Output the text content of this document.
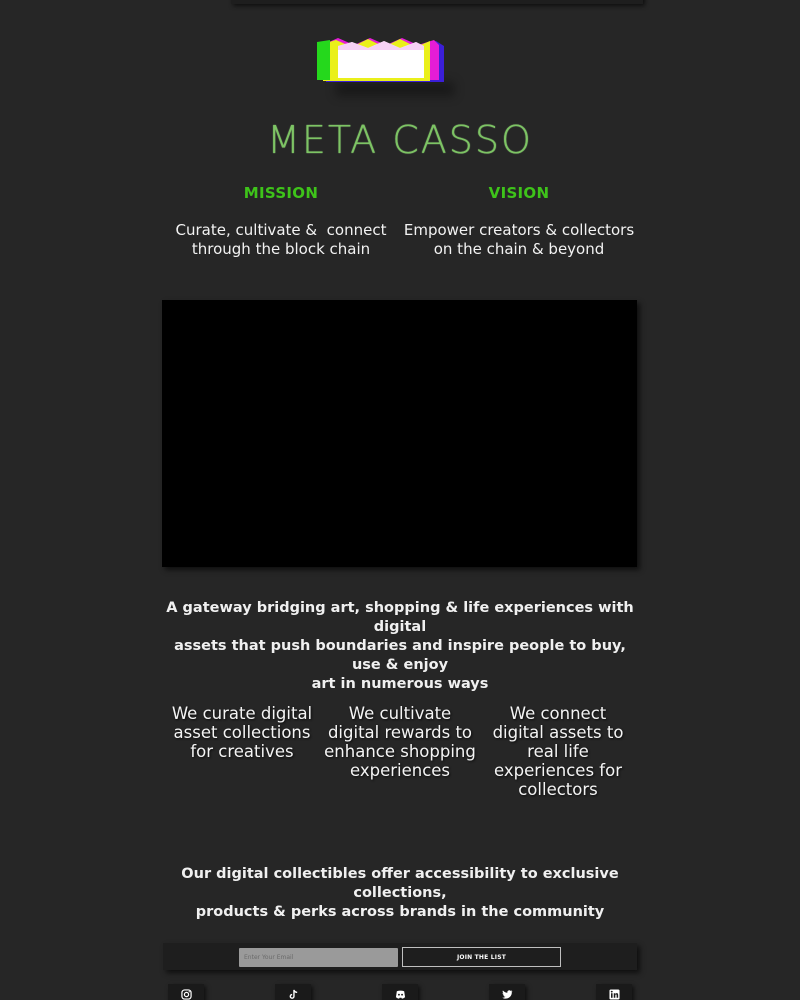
META CASSO
MISSION
Curate, cultivate &  connect
through the block chain
VISION
Empower creators & collectors
on the chain & beyond
A gateway bridging art, shopping & life experiences with digital
assets that push boundaries and inspire people to buy, use & enjoy
art in numerous ways
We curate digital
asset collections
for creatives
We cultivate
digital rewards to
enhance shopping
experiences
We connect
digital assets to
real life
experiences for
collectors
Our digital collectibles offer accessibility to exclusive collections,
products & perks across brands in the community
Enter Your Email
JOIN THE LIST
